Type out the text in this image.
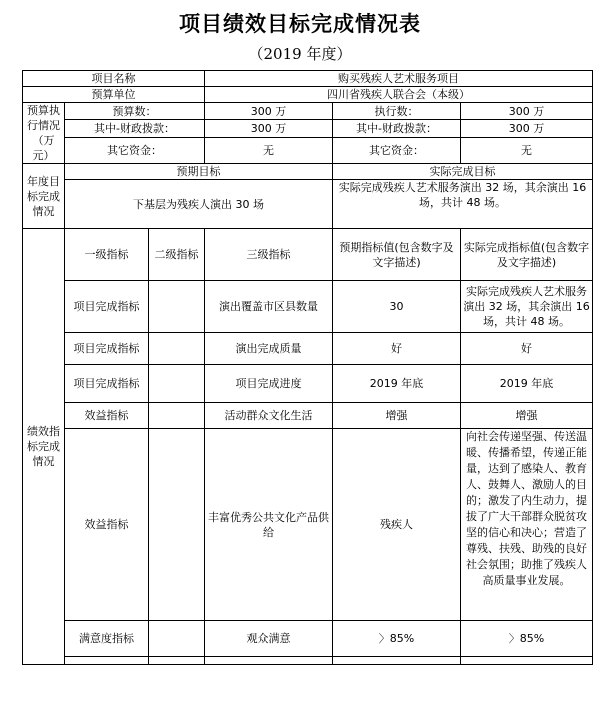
项目绩效目标完成情况表
（2019 年度）
项目名称			购买残疾人艺术服务项目		
预算单位			四川省残疾人联合会（本级）		
预算执行情况（万元）	预算数：		300 万	执行数：	300 万
	其中-财政拨款：		300 万	其中-财政拨款：	300 万
	其它资金：		无	其它资金：	无
年度目标完成情况	预期目标			实际完成目标	
	下基层为残疾人演出 30 场			实际完成残疾人艺术服务演出 32 场，其余演出 16 场，共计 48 场。	
绩效指标完成情况	一级指标	二级指标	三级指标	预期指标值(包含数字及文字描述)	实际完成指标值(包含数字及文字描述)
	项目完成指标		演出覆盖市区县数量	30	实际完成残疾人艺术服务演出 32 场，其余演出 16 场，共计 48 场。
	项目完成指标		演出完成质量	好	好
	项目完成指标		项目完成进度	2019 年底	2019 年底
	效益指标		活动群众文化生活	增强	增强
	效益指标		丰富优秀公共文化产品供给	残疾人	向社会传递坚强、传送温暖、传播希望，传递正能量，达到了感染人、教育人、鼓舞人、激励人的目的；激发了内生动力，提拔了广大干部群众脱贫攻坚的信心和决心；营造了尊残、扶残、助残的良好社会氛围；助推了残疾人高质量事业发展。
	满意度指标		观众满意	〉85%	〉85%
